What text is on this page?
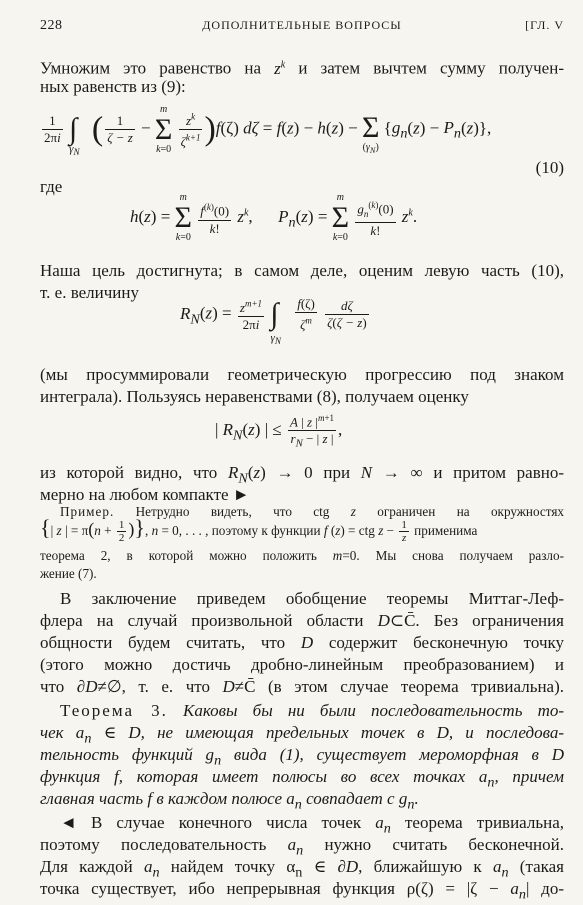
228	ДОПОЛНИТЕЛЬНЫЕ ВОПРОСЫ	[ГЛ. V
Умножим это равенство на $z^k$ и затем вычтем сумму получен-
ных равенств из (9):
$\frac{1}{2\pi i} \int_{\gamma_N}$ ( $\frac{1}{\zeta - z}$ −
m
Σ
k=0
$\frac{z^k}{\zeta^{k+1}} )f(\zeta)$ dζ = f(z) − h(z) −
Σ
$(\gamma_N)$
$\{g_n(z) - P_n(z)\}$,
(10)
где
h(z) =
m
Σ
k=0

$\frac{f^{(k)}(0)}{k!} z^k$,      $P_n(z)$ =
m
Σ
k=0
$\frac{g_n^{(k)}(0)}{k!} z^k$.
Наша цель достигнута; в самом деле, оценим левую часть (10),
т. е. величину
$R_N(z) = \frac{z^{m+1}}{2\pi i} \int_{\gamma_N}$
$\frac{f(\zeta)}{\zeta^m}$
$\frac{d\zeta}{\zeta(\zeta - z)}$
(мы просуммировали геометрическую прогрессию под знаком
интеграла). Пользуясь неравенствами (8), получаем оценку
| $R_N(z)$ | ≤ $\frac{A | z |^{m+1}}{r_N - | z |}$ ,
из которой видно, что $R_N(z) \to 0$ при N → ∞ и притом равно-
мерно на любом компакте ►
Пример. Нетрудно видеть, что ctg z ограничен на окружностях
{| z | = $\pi(n + \frac{1}{2}$ )}, n = 0, . . . , поэтому к функции f (z) = ctg $z - \frac{1}{z}$ применима
теорема 2, в которой можно положить m=0. Мы снова получаем разло-
жение (7).
В заключение приведем обобщение теоремы Миттаг-Леф-
флера на случай произвольной области D⊂C̄. Без ограничения
общности будем считать, что D содержит бесконечную точку
(этого можно достичь дробно-линейным преобразованием) и
что ∂D≠∅, т. е. что D≠C̄ (в этом случае теорема тривиальна).
Теорема 3. Каковы бы ни были последовательность то-
чек $a_n$ ∈ D, не имеющая предельных точек в D, и последова-
тельность функций $g_n$ вида (1), существует мероморфная в D
функция f, которая имеет полюсы во всех точках $a_n$, причем
главная часть f в каждом полюсе $a_n$ совпадает с $g_n$.
◄ В случае конечного числа точек $a_n$ теорема тривиальна,
поэтому последовательность $a_n$ нужно считать бесконечной.
Для каждой $a_n$ найдем точку $\alpha_n$ ∈ ∂D, ближайшую к $a_n$ (такая
точка существует, ибо непрерывная функция $\rho(\zeta) = |\zeta - a_n|$ до-
